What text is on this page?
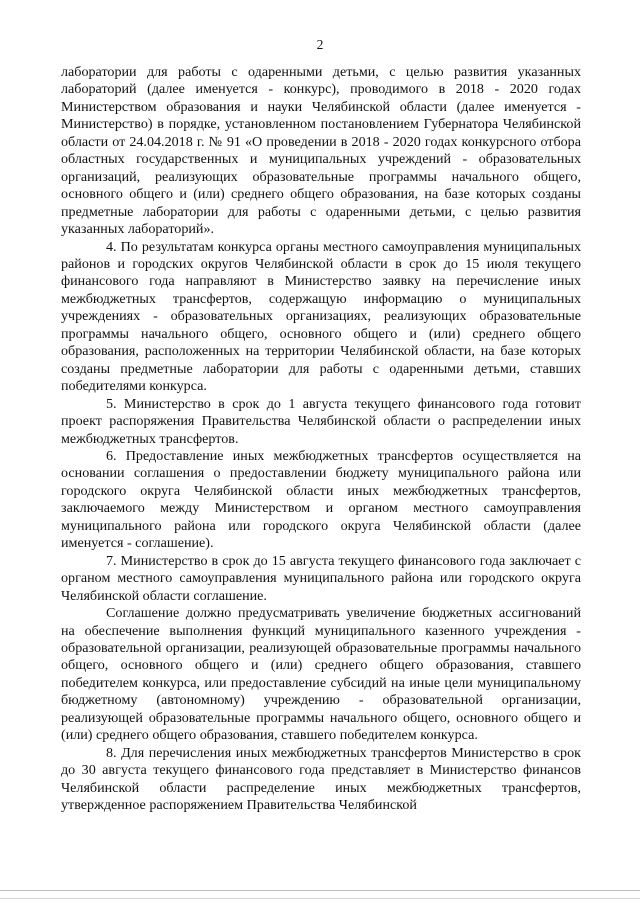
2

лаборатории для работы с одаренными детьми, с целью развития указанных лабораторий (далее именуется - конкурс), проводимого в 2018 - 2020 годах Министерством образования и науки Челябинской области (далее именуется - Министерство) в порядке, установленном постановлением Губернатора Челябинской области от 24.04.2018 г. № 91 «О проведении в 2018 - 2020 годах конкурсного отбора областных государственных и муниципальных учреждений - образовательных организаций, реализующих образовательные программы начального общего, основного общего и (или) среднего общего образования, на базе которых созданы предметные лаборатории для работы с одаренными детьми, с целью развития указанных лабораторий».

4. По результатам конкурса органы местного самоуправления муниципальных районов и городских округов Челябинской области в срок до 15 июля текущего финансового года направляют в Министерство заявку на перечисление иных межбюджетных трансфертов, содержащую информацию о муниципальных учреждениях - образовательных организациях, реализующих образовательные программы начального общего, основного общего и (или) среднего общего образования, расположенных на территории Челябинской области, на базе которых созданы предметные лаборатории для работы с одаренными детьми, ставших победителями конкурса.

5. Министерство в срок до 1 августа текущего финансового года готовит проект распоряжения Правительства Челябинской области о распределении иных межбюджетных трансфертов.

6. Предоставление иных межбюджетных трансфертов осуществляется на основании соглашения о предоставлении бюджету муниципального района или городского округа Челябинской области иных межбюджетных трансфертов, заключаемого между Министерством и органом местного самоуправления муниципального района или городского округа Челябинской области (далее именуется - соглашение).

7. Министерство в срок до 15 августа текущего финансового года заключает с органом местного самоуправления муниципального района или городского округа Челябинской области соглашение.

Соглашение должно предусматривать увеличение бюджетных ассигнований на обеспечение выполнения функций муниципального казенного учреждения - образовательной организации, реализующей образовательные программы начального общего, основного общего и (или) среднего общего образования, ставшего победителем конкурса, или предоставление субсидий на иные цели муниципальному бюджетному (автономному) учреждению - образовательной организации, реализующей образовательные программы начального общего, основного общего и (или) среднего общего образования, ставшего победителем конкурса.

8. Для перечисления иных межбюджетных трансфертов Министерство в срок до 30 августа текущего финансового года представляет в Министерство финансов Челябинской области распределение иных межбюджетных трансфертов, утвержденное распоряжением Правительства Челябинской
